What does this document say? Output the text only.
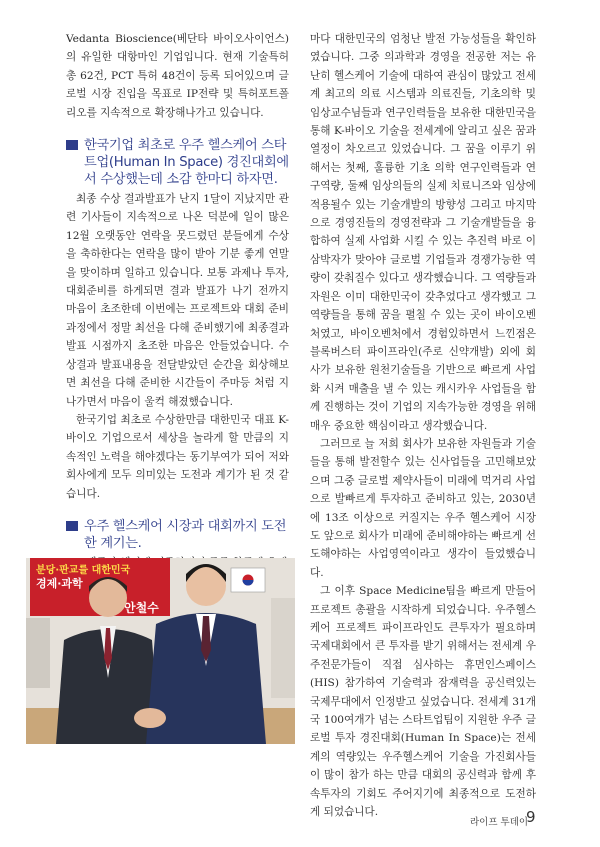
Vedanta Bioscience(베단타 바이오사이언스)의 유일한 대항마인 기업입니다. 현재 기술특허 총 62건, PCT 특허 48건이 등록 되어있으며 글로벌 시장 진입을 목표로 IP전략 및 특허포트폴리오를 지속적으로 확장해나가고 있습니다.

한국기업 최초로 우주 헬스케어 스타트업(Human In Space) 경진대회에서 수상했는데 소감 한마디 하자면.

최종 수상 결과발표가 난지 1달이 지났지만 관련 기사들이 지속적으로 나온 덕분에 일이 많은 12월 오랫동안 연락을 못드렸던 분들에게 수상을 축하한다는 연락을 많이 받아 기분 좋게 연말을 맞이하며 일하고 있습니다. 보통 과제나 투자, 대회준비를 하게되면 결과 발표가 나기 전까지 마음이 초조한데 이번에는 프로젝트와 대회 준비과정에서 정말 최선을 다해 준비했기에 최종결과발표 시점까지 초조한 마음은 안들었습니다. 수상결과 발표내용을 전달받았던 순간을 회상해보면 최선을 다해 준비한 시간들이 주마등 처럼 지나가면서 마음이 울컥 해졌했습니다.

한국기업 최초로 수상한만큼 대한민국 대표 K-바이오 기업으로서 세상을 놀라게 할 만큼의 지속적인 노력을 해야겠다는 동기부여가 되어 저와 회사에게 모두 의미있는 도전과 계기가 된 것 같습니다.

우주 헬스케어 시장과 대회까지 도전한 계기는.

마다 대한민국의 엄청난 발전 가능성들을 확인하였습니다. 그중 의과학과 경영을 전공한 저는 유난히 헬스케어 기술에 대하여 관심이 많았고 전세계 최고의 의료 시스템과 의료진들, 기초의학 및 임상교수님들과 연구인력들을 보유한 대한민국을 통해 K-바이오 기술을 전세계에 알리고 싶은 꿈과 열정이 차오르고 있었습니다. 그 꿈을 이루기 위해서는 첫째, 훌륭한 기초 의학 연구인력들과 연구역량, 둘째 임상의들의 실제 치료니즈와 임상에 적용될수 있는 기술개발의 방향성 그리고 마지막으로 경영진들의 경영전략과 그 기술개발들을 융합하여 실제 사업화 시킬 수 있는 추진력 바로 이 삼박자가 맞아야 글로벌 기업들과 경쟁가능한 역량이 갖춰질수 있다고 생각했습니다. 그 역량들과 자원은 이미 대한민국이 갖추었다고 생각했고 그 역량들을 통해 꿈을 펼칠 수 있는 곳이 바이오벤처였고, 바이오벤처에서 경험있하면서 느낀점은 블록버스터 파이프라인(주로 신약개발) 외에 회사가 보유한 원천기술들을 기반으로 빠르게 사업화 시켜 매출을 낼 수 있는 캐시카우 사업들을 함께 진행하는 것이 기업의 지속가능한 경영을 위해 매우 중요한 핵심이라고 생각했습니다.

그러므로 늘 저희 회사가 보유한 자원들과 기술들을 통해 발전할수 있는 신사업들을 고민해보았으며 그중 글로벌 제약사들이 미래에 먹거리 사업으로 발빠르게 투자하고 준비하고 있는, 2030년에 13조 이상으로 커질지는 우주 헬스케어 시장도 앞으로 회사가 미래에 준비해야하는 빠르게 선도해야하는 사업영역이라고 생각이 들었했습니다.

그 이후 Space Medicine팀을 빠르게 만들어 프로젝트 총괄을 시작하게 되었습니다. 우주헬스케어 프로젝트 파이프라인도 큰투자가 필요하며 국제대회에서 큰 투자를 받기 위해서는 전세계 우주전문가들이 직접 심사하는 휴먼인스페이스(HIS) 참가하여 기술력과 잠재력을 공신력있는 국제무대에서 인정받고 싶었습니다. 전세계 31개국 100여개가 넘는 스타트업팀이 지원한 우주 글로벌 투자 경진대회(Human In Space)는 전세계의 역량있는 우주헬스케어 기술을 가진회사들이 많이 참가 하는 만큼 대회의 공신력과 함께 후속투자의 기회도 주어지기에 최종적으로 도전하게 되었습니다.

분당·판교를 대한민국
경제·과학
안철수
라이프 투데이
9
